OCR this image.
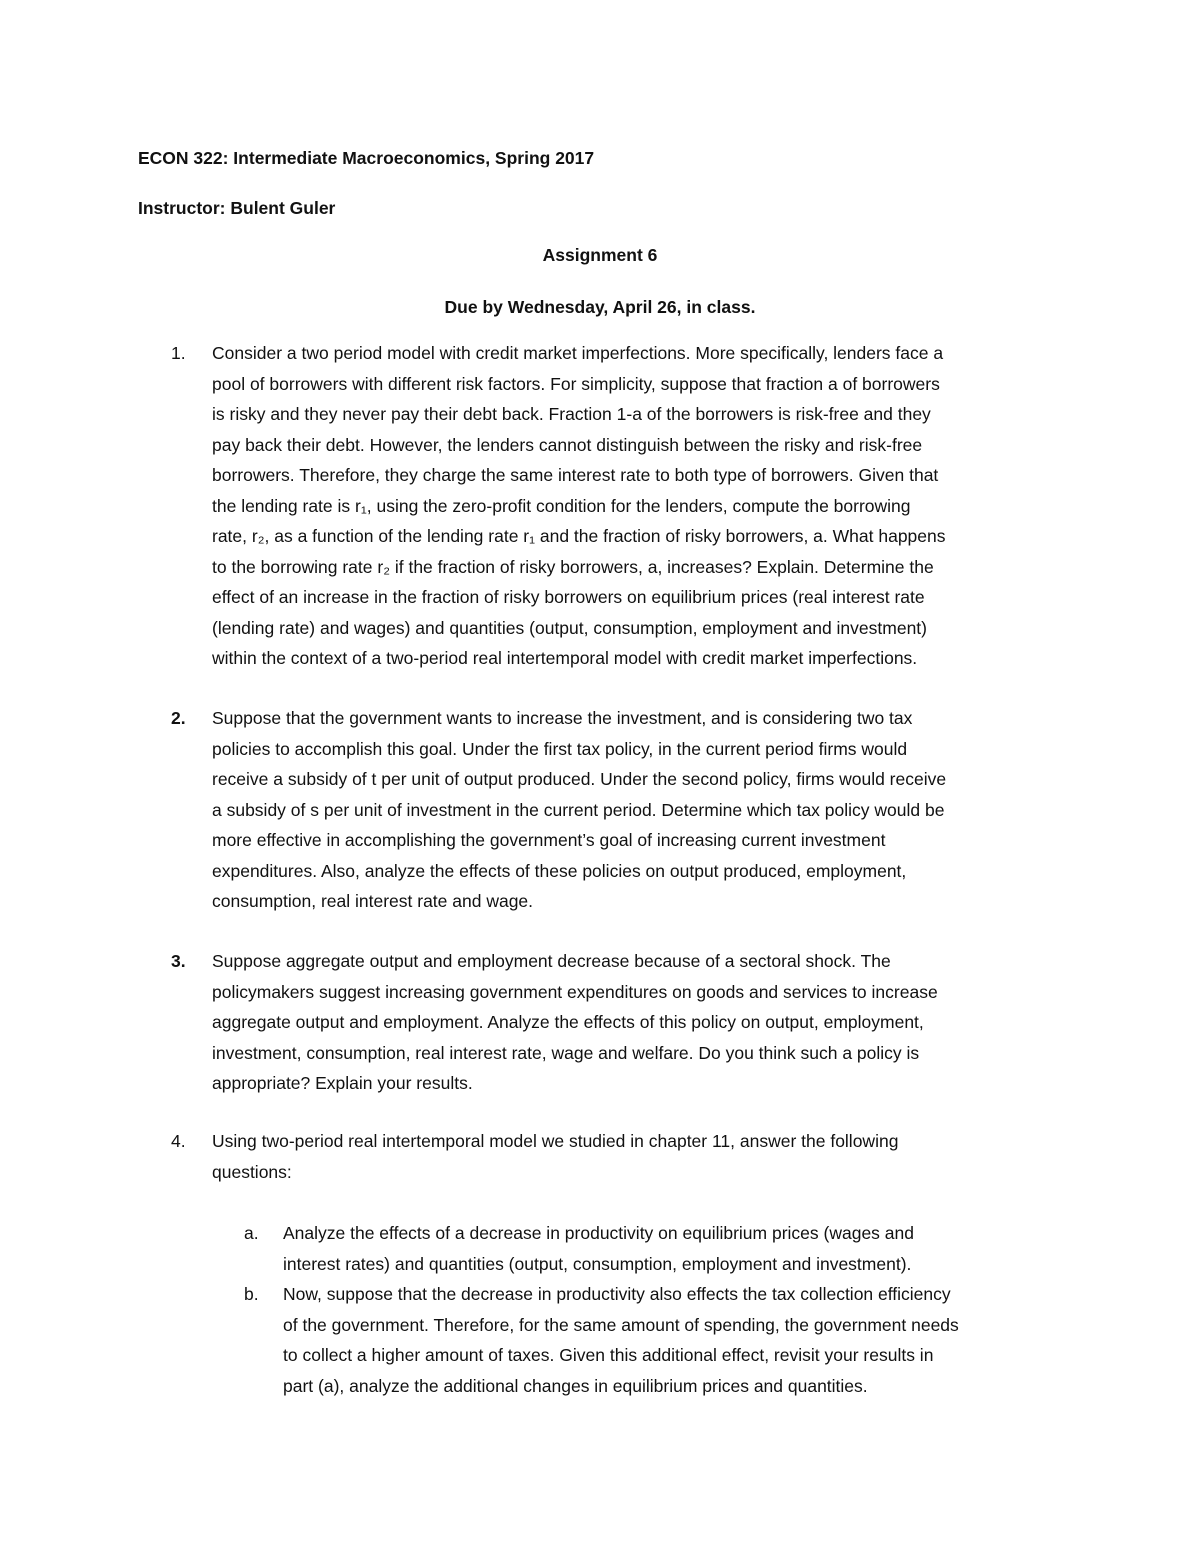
ECON 322: Intermediate Macroeconomics, Spring 2017

Instructor: Bulent Guler

Assignment 6

Due by Wednesday, April 26, in class.

1. Consider a two period model with credit market imperfections. More specifically, lenders face a

pool of borrowers with different risk factors. For simplicity, suppose that fraction a of borrowers

is risky and they never pay their debt back. Fraction 1-a of the borrowers is risk-free and they

pay back their debt. However, the lenders cannot distinguish between the risky and risk-free

borrowers. Therefore, they charge the same interest rate to both type of borrowers. Given that

the lending rate is r₁, using the zero-profit condition for the lenders, compute the borrowing

rate, r₂, as a function of the lending rate r₁ and the fraction of risky borrowers, a. What happens

to the borrowing rate r₂ if the fraction of risky borrowers, a, increases? Explain. Determine the

effect of an increase in the fraction of risky borrowers on equilibrium prices (real interest rate

(lending rate) and wages) and quantities (output, consumption, employment and investment)

within the context of a two-period real intertemporal model with credit market imperfections.

2. Suppose that the government wants to increase the investment, and is considering two tax

policies to accomplish this goal. Under the first tax policy, in the current period firms would

receive a subsidy of t per unit of output produced. Under the second policy, firms would receive

a subsidy of s per unit of investment in the current period. Determine which tax policy would be

more effective in accomplishing the government’s goal of increasing current investment

expenditures. Also, analyze the effects of these policies on output produced, employment,

consumption, real interest rate and wage.

3. Suppose aggregate output and employment decrease because of a sectoral shock. The

policymakers suggest increasing government expenditures on goods and services to increase

aggregate output and employment. Analyze the effects of this policy on output, employment,

investment, consumption, real interest rate, wage and welfare. Do you think such a policy is

appropriate? Explain your results.

4. Using two-period real intertemporal model we studied in chapter 11, answer the following

questions:

a. Analyze the effects of a decrease in productivity on equilibrium prices (wages and

interest rates) and quantities (output, consumption, employment and investment).

b. Now, suppose that the decrease in productivity also effects the tax collection efficiency

of the government. Therefore, for the same amount of spending, the government needs

to collect a higher amount of taxes. Given this additional effect, revisit your results in

part (a), analyze the additional changes in equilibrium prices and quantities.
